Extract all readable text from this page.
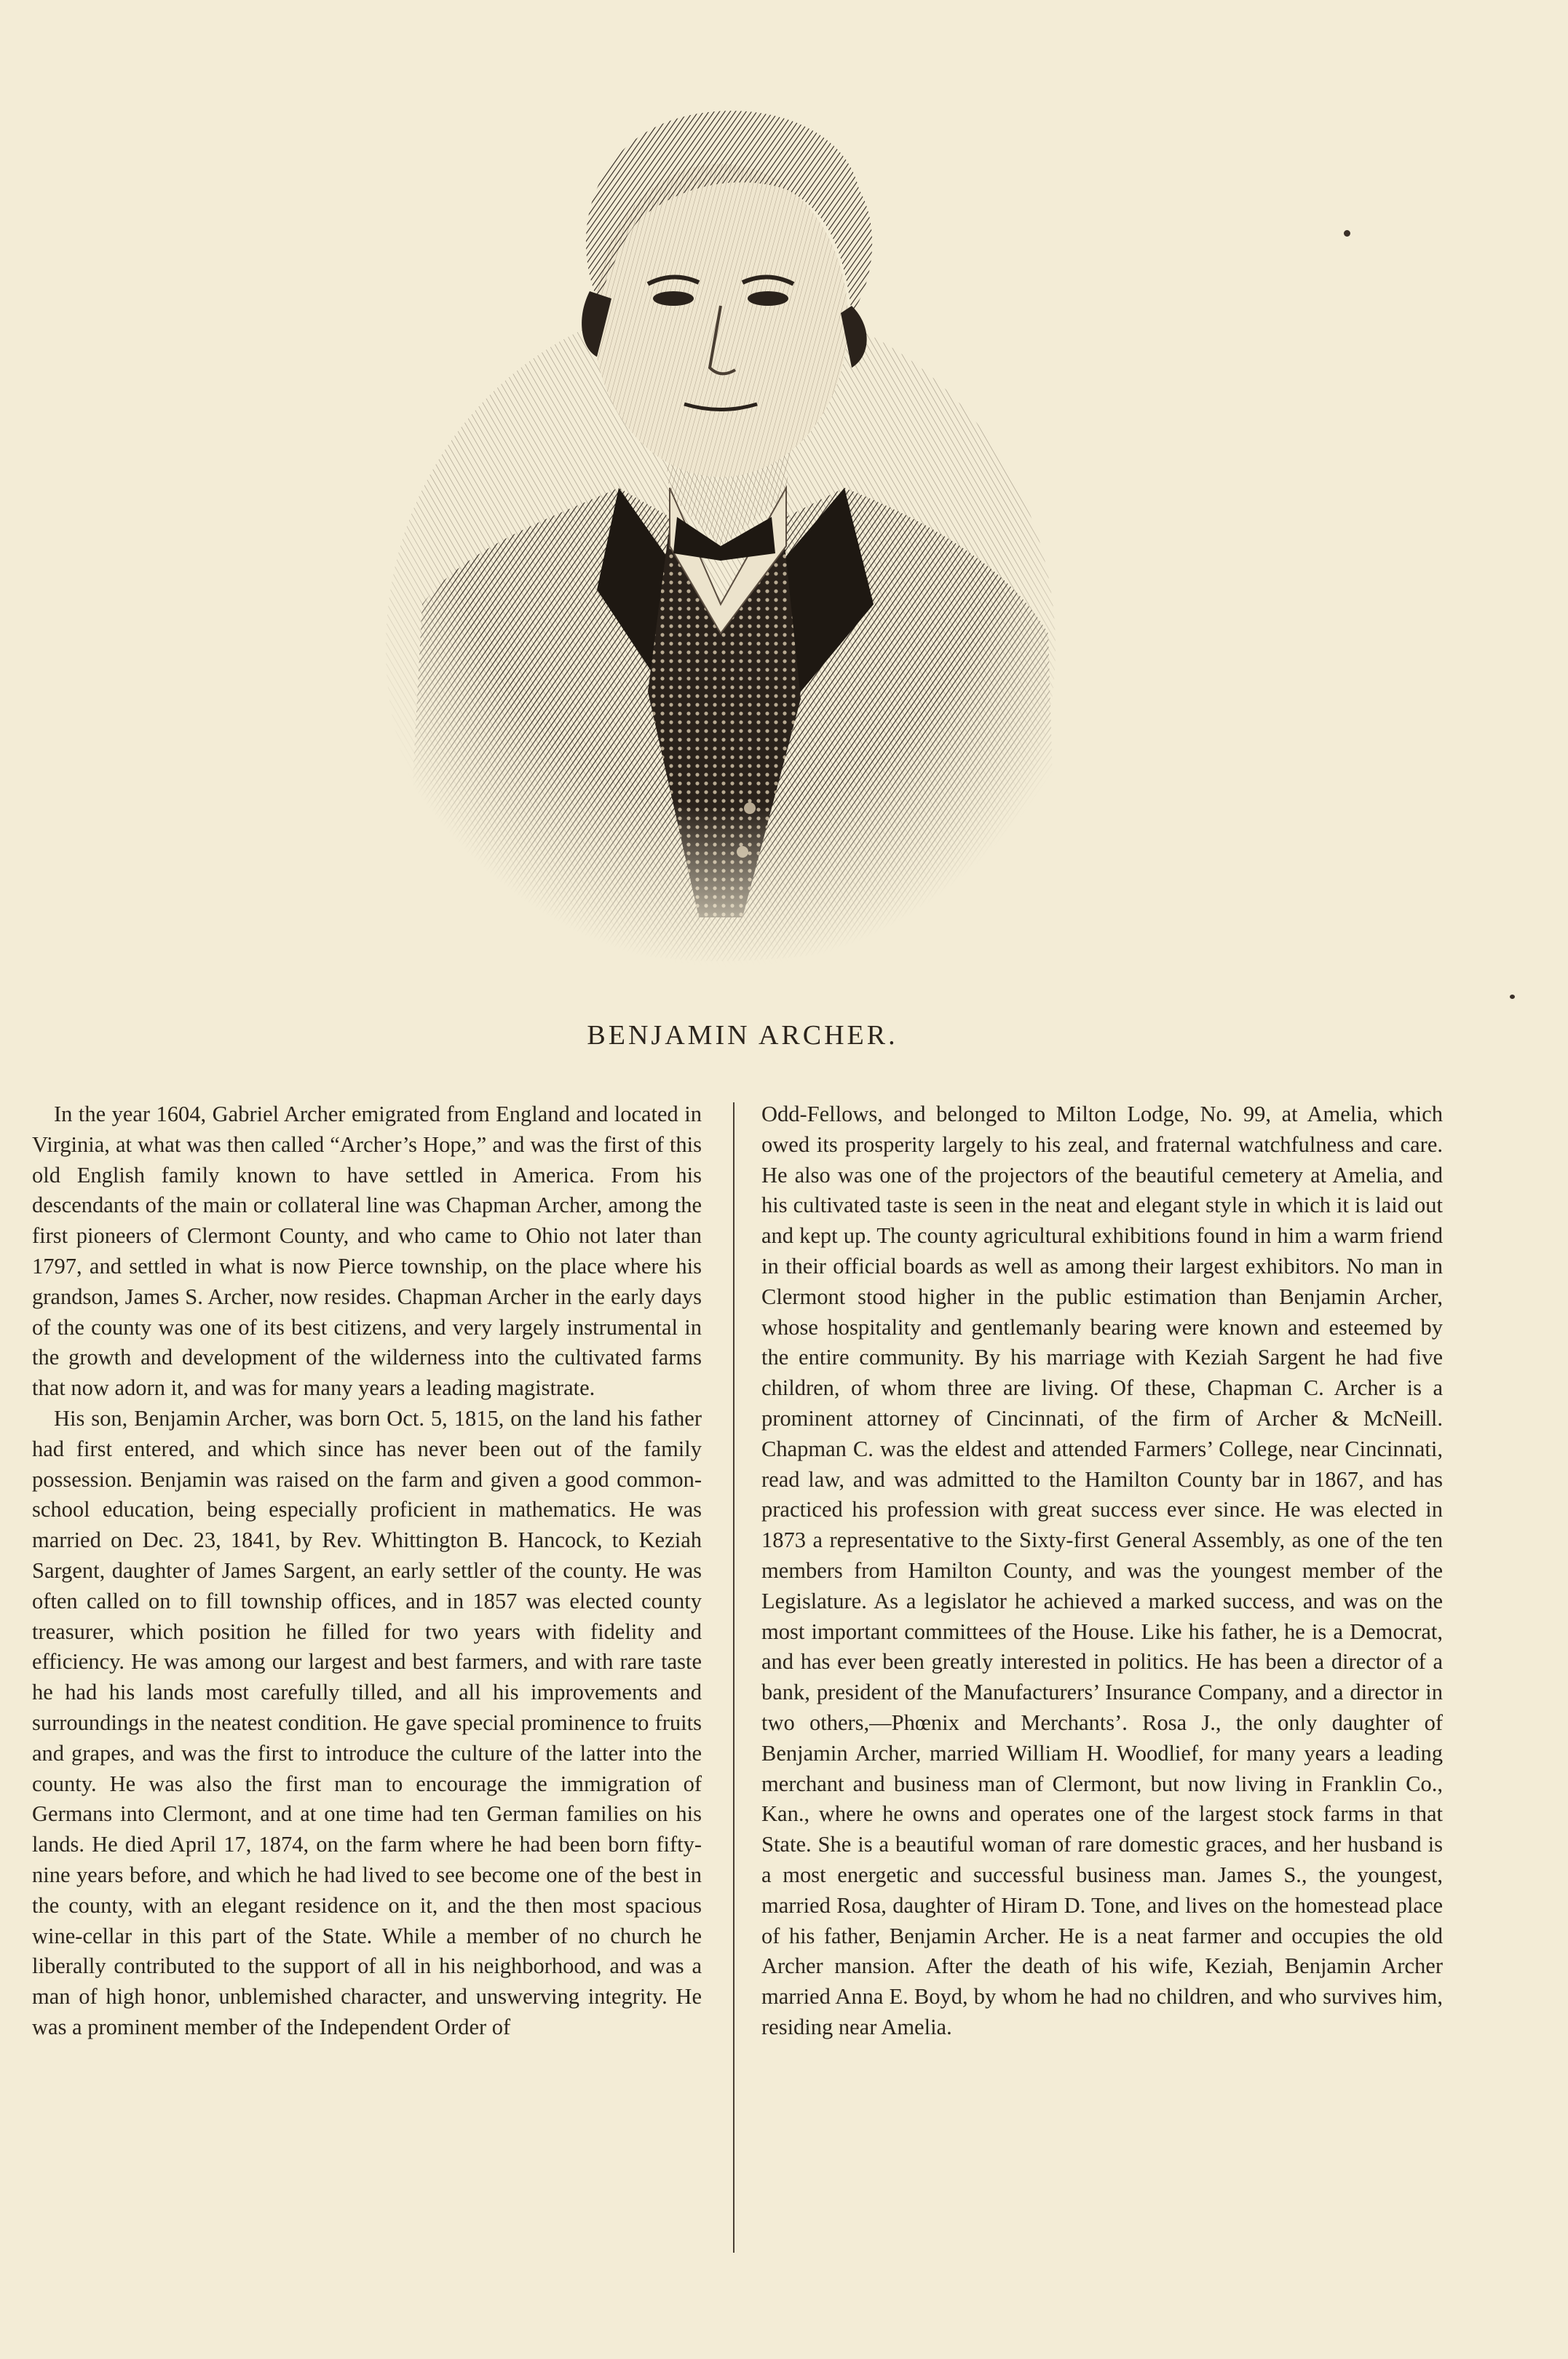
BENJAMIN ARCHER.

In the year 1604, Gabriel Archer emigrated from England and located in Virginia, at what was then called “Archer’s Hope,” and was the first of this old English family known to have settled in America. From his descendants of the main or collateral line was Chapman Archer, among the first pioneers of Clermont County, and who came to Ohio not later than 1797, and settled in what is now Pierce township, on the place where his grandson, James S. Archer, now resides. Chapman Archer in the early days of the county was one of its best citizens, and very largely instrumental in the growth and development of the wilderness into the cultivated farms that now adorn it, and was for many years a leading magistrate.

His son, Benjamin Archer, was born Oct. 5, 1815, on the land his father had first entered, and which since has never been out of the family possession. Benjamin was raised on the farm and given a good common-school education, being especially proficient in mathematics. He was married on Dec. 23, 1841, by Rev. Whittington B. Hancock, to Keziah Sargent, daughter of James Sargent, an early settler of the county. He was often called on to fill township offices, and in 1857 was elected county treasurer, which position he filled for two years with fidelity and efficiency. He was among our largest and best farmers, and with rare taste he had his lands most carefully tilled, and all his improvements and surroundings in the neatest condition. He gave special prominence to fruits and grapes, and was the first to introduce the culture of the latter into the county. He was also the first man to encourage the immigration of Germans into Clermont, and at one time had ten German families on his lands. He died April 17, 1874, on the farm where he had been born fifty-nine years before, and which he had lived to see become one of the best in the county, with an elegant residence on it, and the then most spacious wine-cellar in this part of the State. While a member of no church he liberally contributed to the support of all in his neighborhood, and was a man of high honor, unblemished character, and unswerving integrity. He was a prominent member of the Independent Order of

Odd-Fellows, and belonged to Milton Lodge, No. 99, at Amelia, which owed its prosperity largely to his zeal, and fraternal watchfulness and care. He also was one of the projectors of the beautiful cemetery at Amelia, and his cultivated taste is seen in the neat and elegant style in which it is laid out and kept up. The county agricultural exhibitions found in him a warm friend in their official boards as well as among their largest exhibitors. No man in Clermont stood higher in the public estimation than Benjamin Archer, whose hospitality and gentlemanly bearing were known and esteemed by the entire community. By his marriage with Keziah Sargent he had five children, of whom three are living. Of these, Chapman C. Archer is a prominent attorney of Cincinnati, of the firm of Archer & McNeill. Chapman C. was the eldest and attended Farmers’ College, near Cincinnati, read law, and was admitted to the Hamilton County bar in 1867, and has practiced his profession with great success ever since. He was elected in 1873 a representative to the Sixty-first General Assembly, as one of the ten members from Hamilton County, and was the youngest member of the Legislature. As a legislator he achieved a marked success, and was on the most important committees of the House. Like his father, he is a Democrat, and has ever been greatly interested in politics. He has been a director of a bank, president of the Manufacturers’ Insurance Company, and a director in two others,—Phœnix and Merchants’. Rosa J., the only daughter of Benjamin Archer, married William H. Woodlief, for many years a leading merchant and business man of Clermont, but now living in Franklin Co., Kan., where he owns and operates one of the largest stock farms in that State. She is a beautiful woman of rare domestic graces, and her husband is a most energetic and successful business man. James S., the youngest, married Rosa, daughter of Hiram D. Tone, and lives on the homestead place of his father, Benjamin Archer. He is a neat farmer and occupies the old Archer mansion. After the death of his wife, Keziah, Benjamin Archer married Anna E. Boyd, by whom he had no children, and who survives him, residing near Amelia.
